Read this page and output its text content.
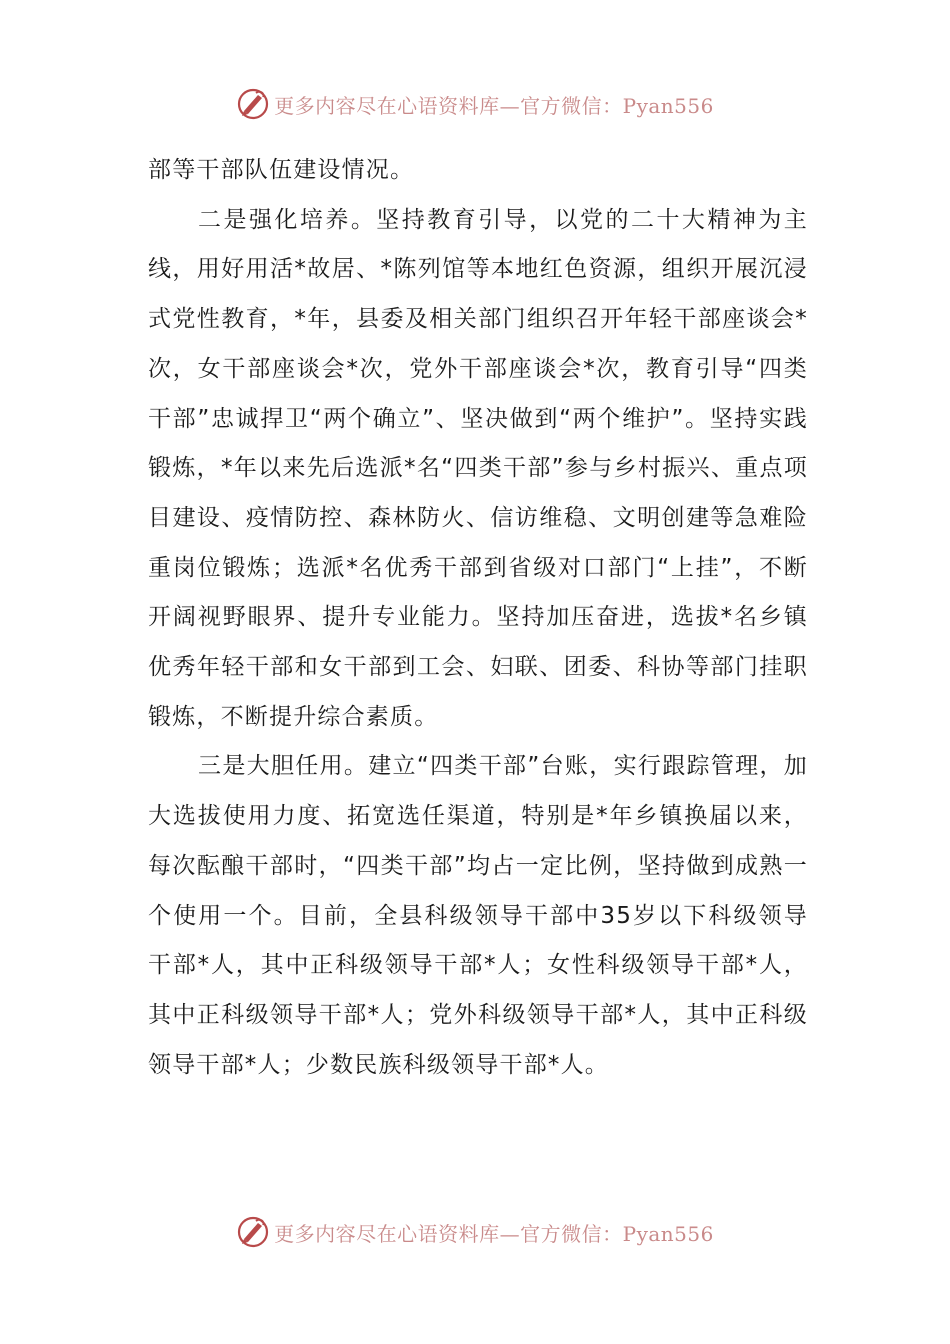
更多内容尽在心语资料库—官方微信：Pyan556

部等干部队伍建设情况。

二是强化培养。坚持教育引导，以党的二十大精神为主线，用好用活*故居、*陈列馆等本地红色资源，组织开展沉浸式党性教育，*年，县委及相关部门组织召开年轻干部座谈会*次，女干部座谈会*次，党外干部座谈会*次，教育引导“四类干部”忠诚捍卫“两个确立”、坚决做到“两个维护”。坚持实践锻炼，*年以来先后选派*名“四类干部”参与乡村振兴、重点项目建设、疫情防控、森林防火、信访维稳、文明创建等急难险重岗位锻炼；选派*名优秀干部到省级对口部门“上挂”，不断开阔视野眼界、提升专业能力。坚持加压奋进，选拔*名乡镇优秀年轻干部和女干部到工会、妇联、团委、科协等部门挂职锻炼，不断提升综合素质。

三是大胆任用。建立“四类干部”台账，实行跟踪管理，加大选拔使用力度、拓宽选任渠道，特别是*年乡镇换届以来，每次酝酿干部时，“四类干部”均占一定比例，坚持做到成熟一个使用一个。目前，全县科级领导干部中35岁以下科级领导干部*人，其中正科级领导干部*人；女性科级领导干部*人，其中正科级领导干部*人；党外科级领导干部*人，其中正科级领导干部*人；少数民族科级领导干部*人。

更多内容尽在心语资料库—官方微信：Pyan556
